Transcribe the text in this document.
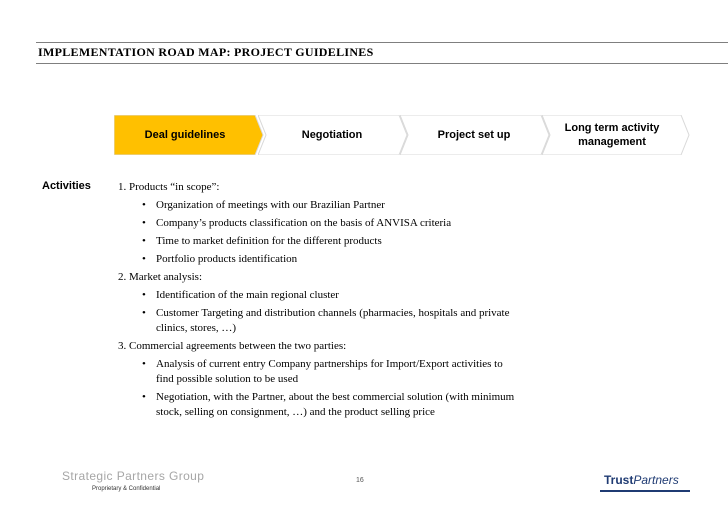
IMPLEMENTATION ROAD MAP: PROJECT GUIDELINES
Deal guidelines	Negotiation	Project set up
Long term activity management
Activities 1. Products “in scope”:

• Organization of meetings with our Brazilian Partner
• Company’s products classification on the basis of ANVISA criteria
• Time to market definition for the different products
• Portfolio products identification

2. Market analysis:

• Identification of the main regional cluster
• Customer Targeting and distribution channels (pharmacies, hospitals and private clinics, stores, …)

3. Commercial agreements between the two parties:

• Analysis of current entry Company partnerships for Import/Export activities to find possible solution to be used
• Negotiation, with the Partner, about the best commercial solution (with minimum stock, selling on consignment, …) and the product selling price
Strategic Partners Group
Proprietary & Confidential
16	TrustPartners
